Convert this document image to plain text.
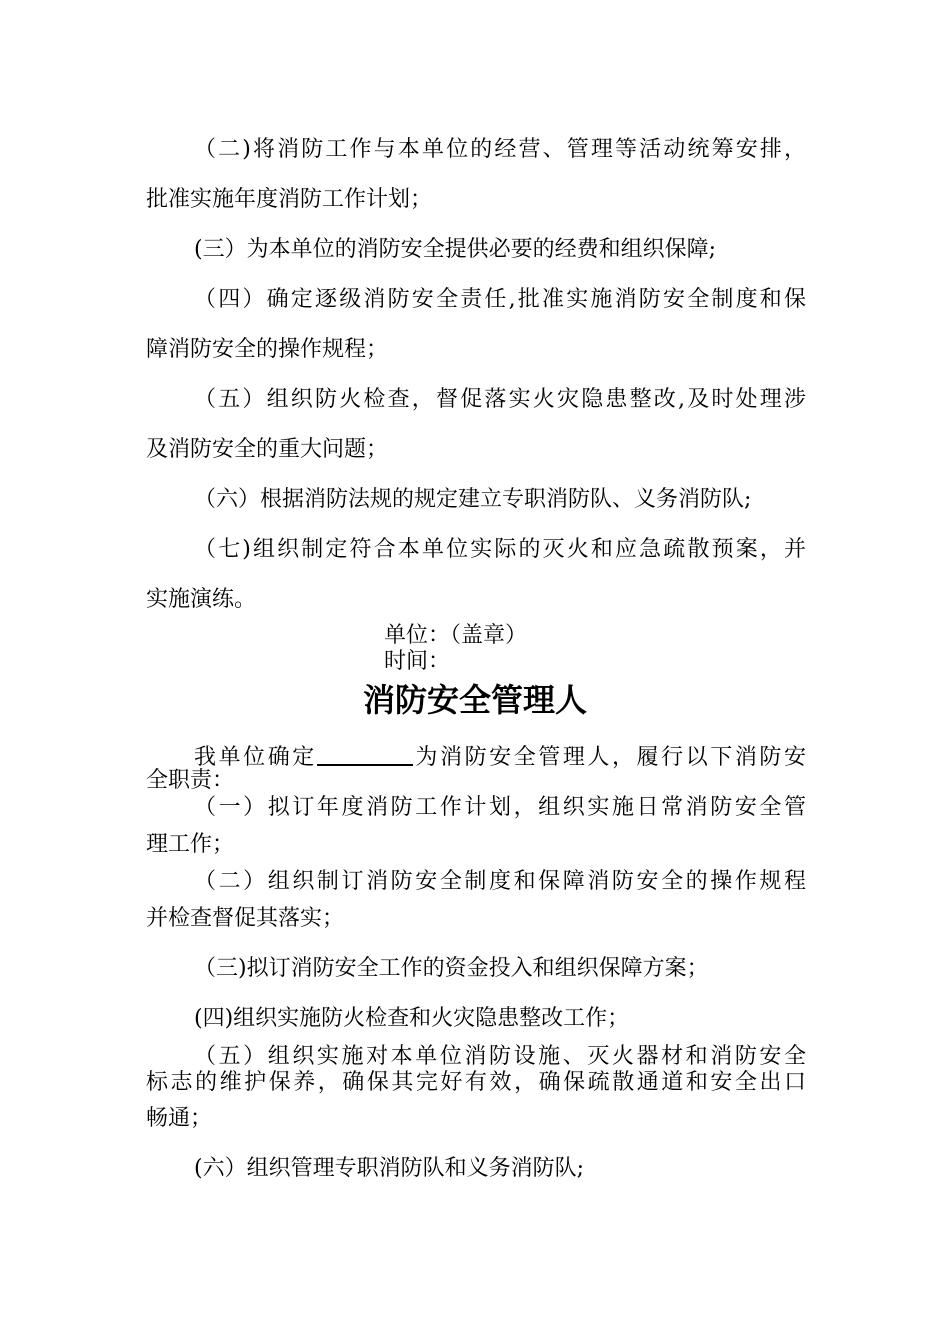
（二)将消防工作与本单位的经营、管理等活动统筹安排，
批准实施年度消防工作计划；
(三）为本单位的消防安全提供必要的经费和组织保障;
（四）确定逐级消防安全责任,批准实施消防安全制度和保
障消防安全的操作规程；
（五）组织防火检查，督促落实火灾隐患整改,及时处理涉
及消防安全的重大问题；
（六）根据消防法规的规定建立专职消防队、义务消防队;
（七)组织制定符合本单位实际的灭火和应急疏散预案，并
实施演练。
单位：（盖章）
时间：
消防安全管理人
我单位确定	为消防安全管理人，履行以下消防安
全职责：
（一）拟订年度消防工作计划，组织实施日常消防安全管
理工作；
（二）组织制订消防安全制度和保障消防安全的操作规程
并检查督促其落实；
（三)拟订消防安全工作的资金投入和组织保障方案；
(四)组织实施防火检查和火灾隐患整改工作；
（五）组织实施对本单位消防设施、灭火器材和消防安全
标志的维护保养，确保其完好有效，确保疏散通道和安全出口
畅通；
(六）组织管理专职消防队和义务消防队;
